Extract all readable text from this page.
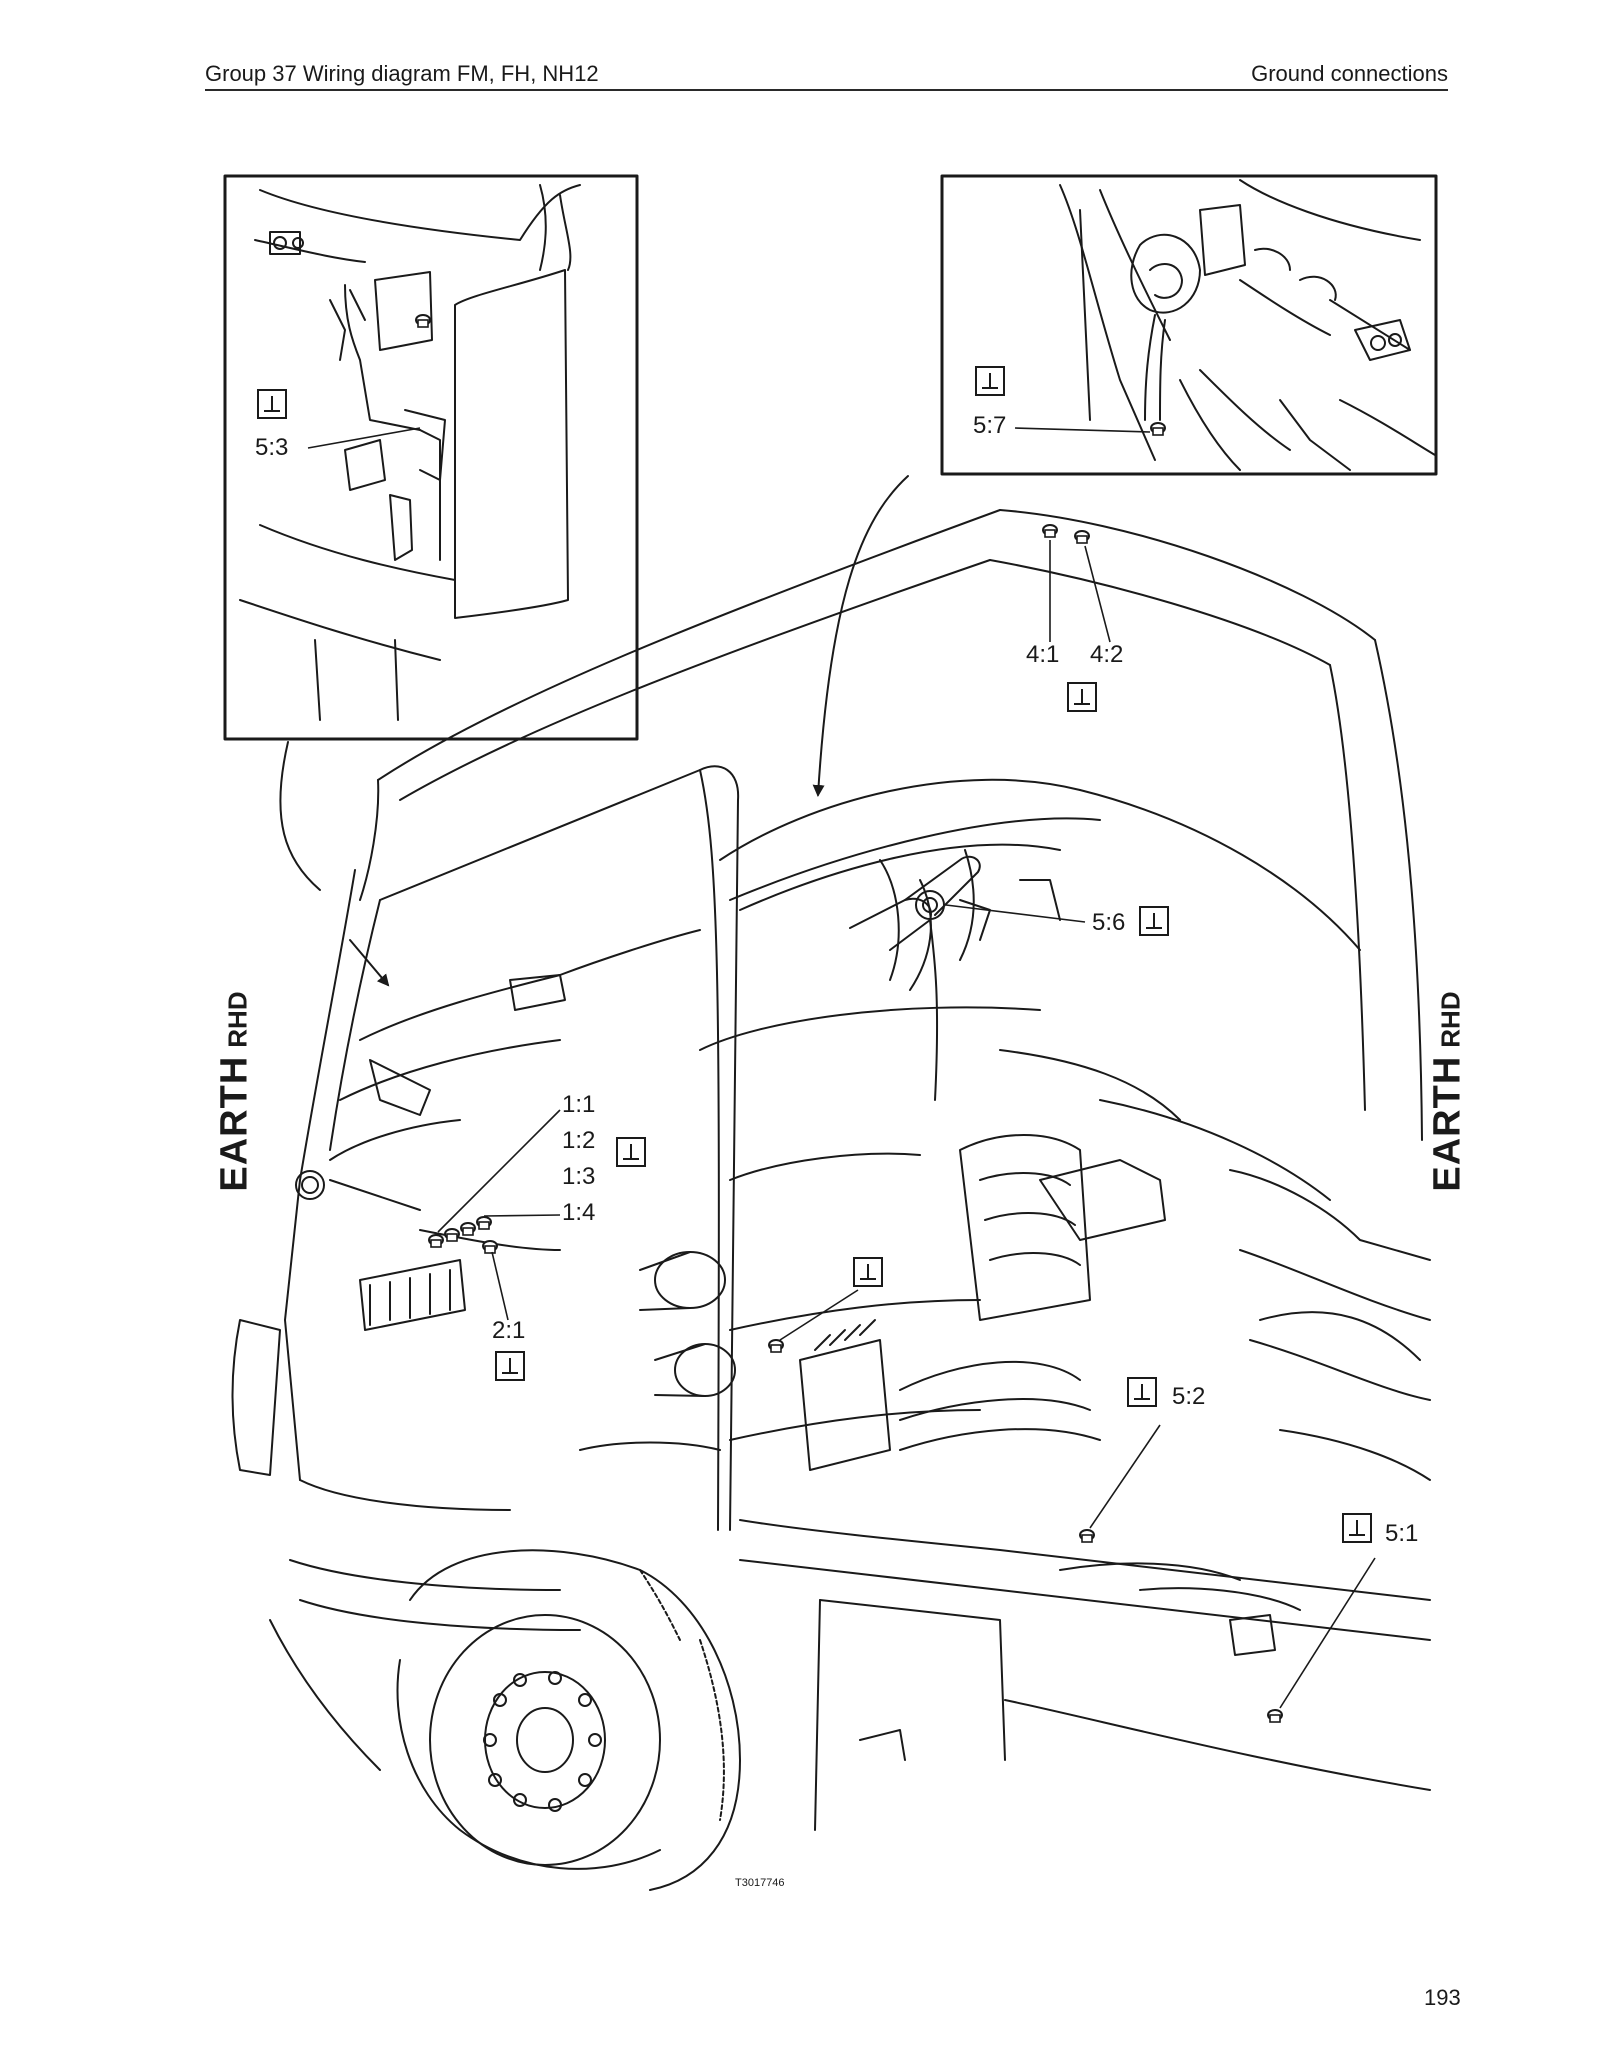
Group 37 Wiring diagram FM, FH, NH12	Ground connections
EARTHRHD
EARTHRHD
5:3
5:7
4:1 4:2
5:6
1:1
1:2
1:3
1:4
2:1
5:2
5:1
T3017746
193
